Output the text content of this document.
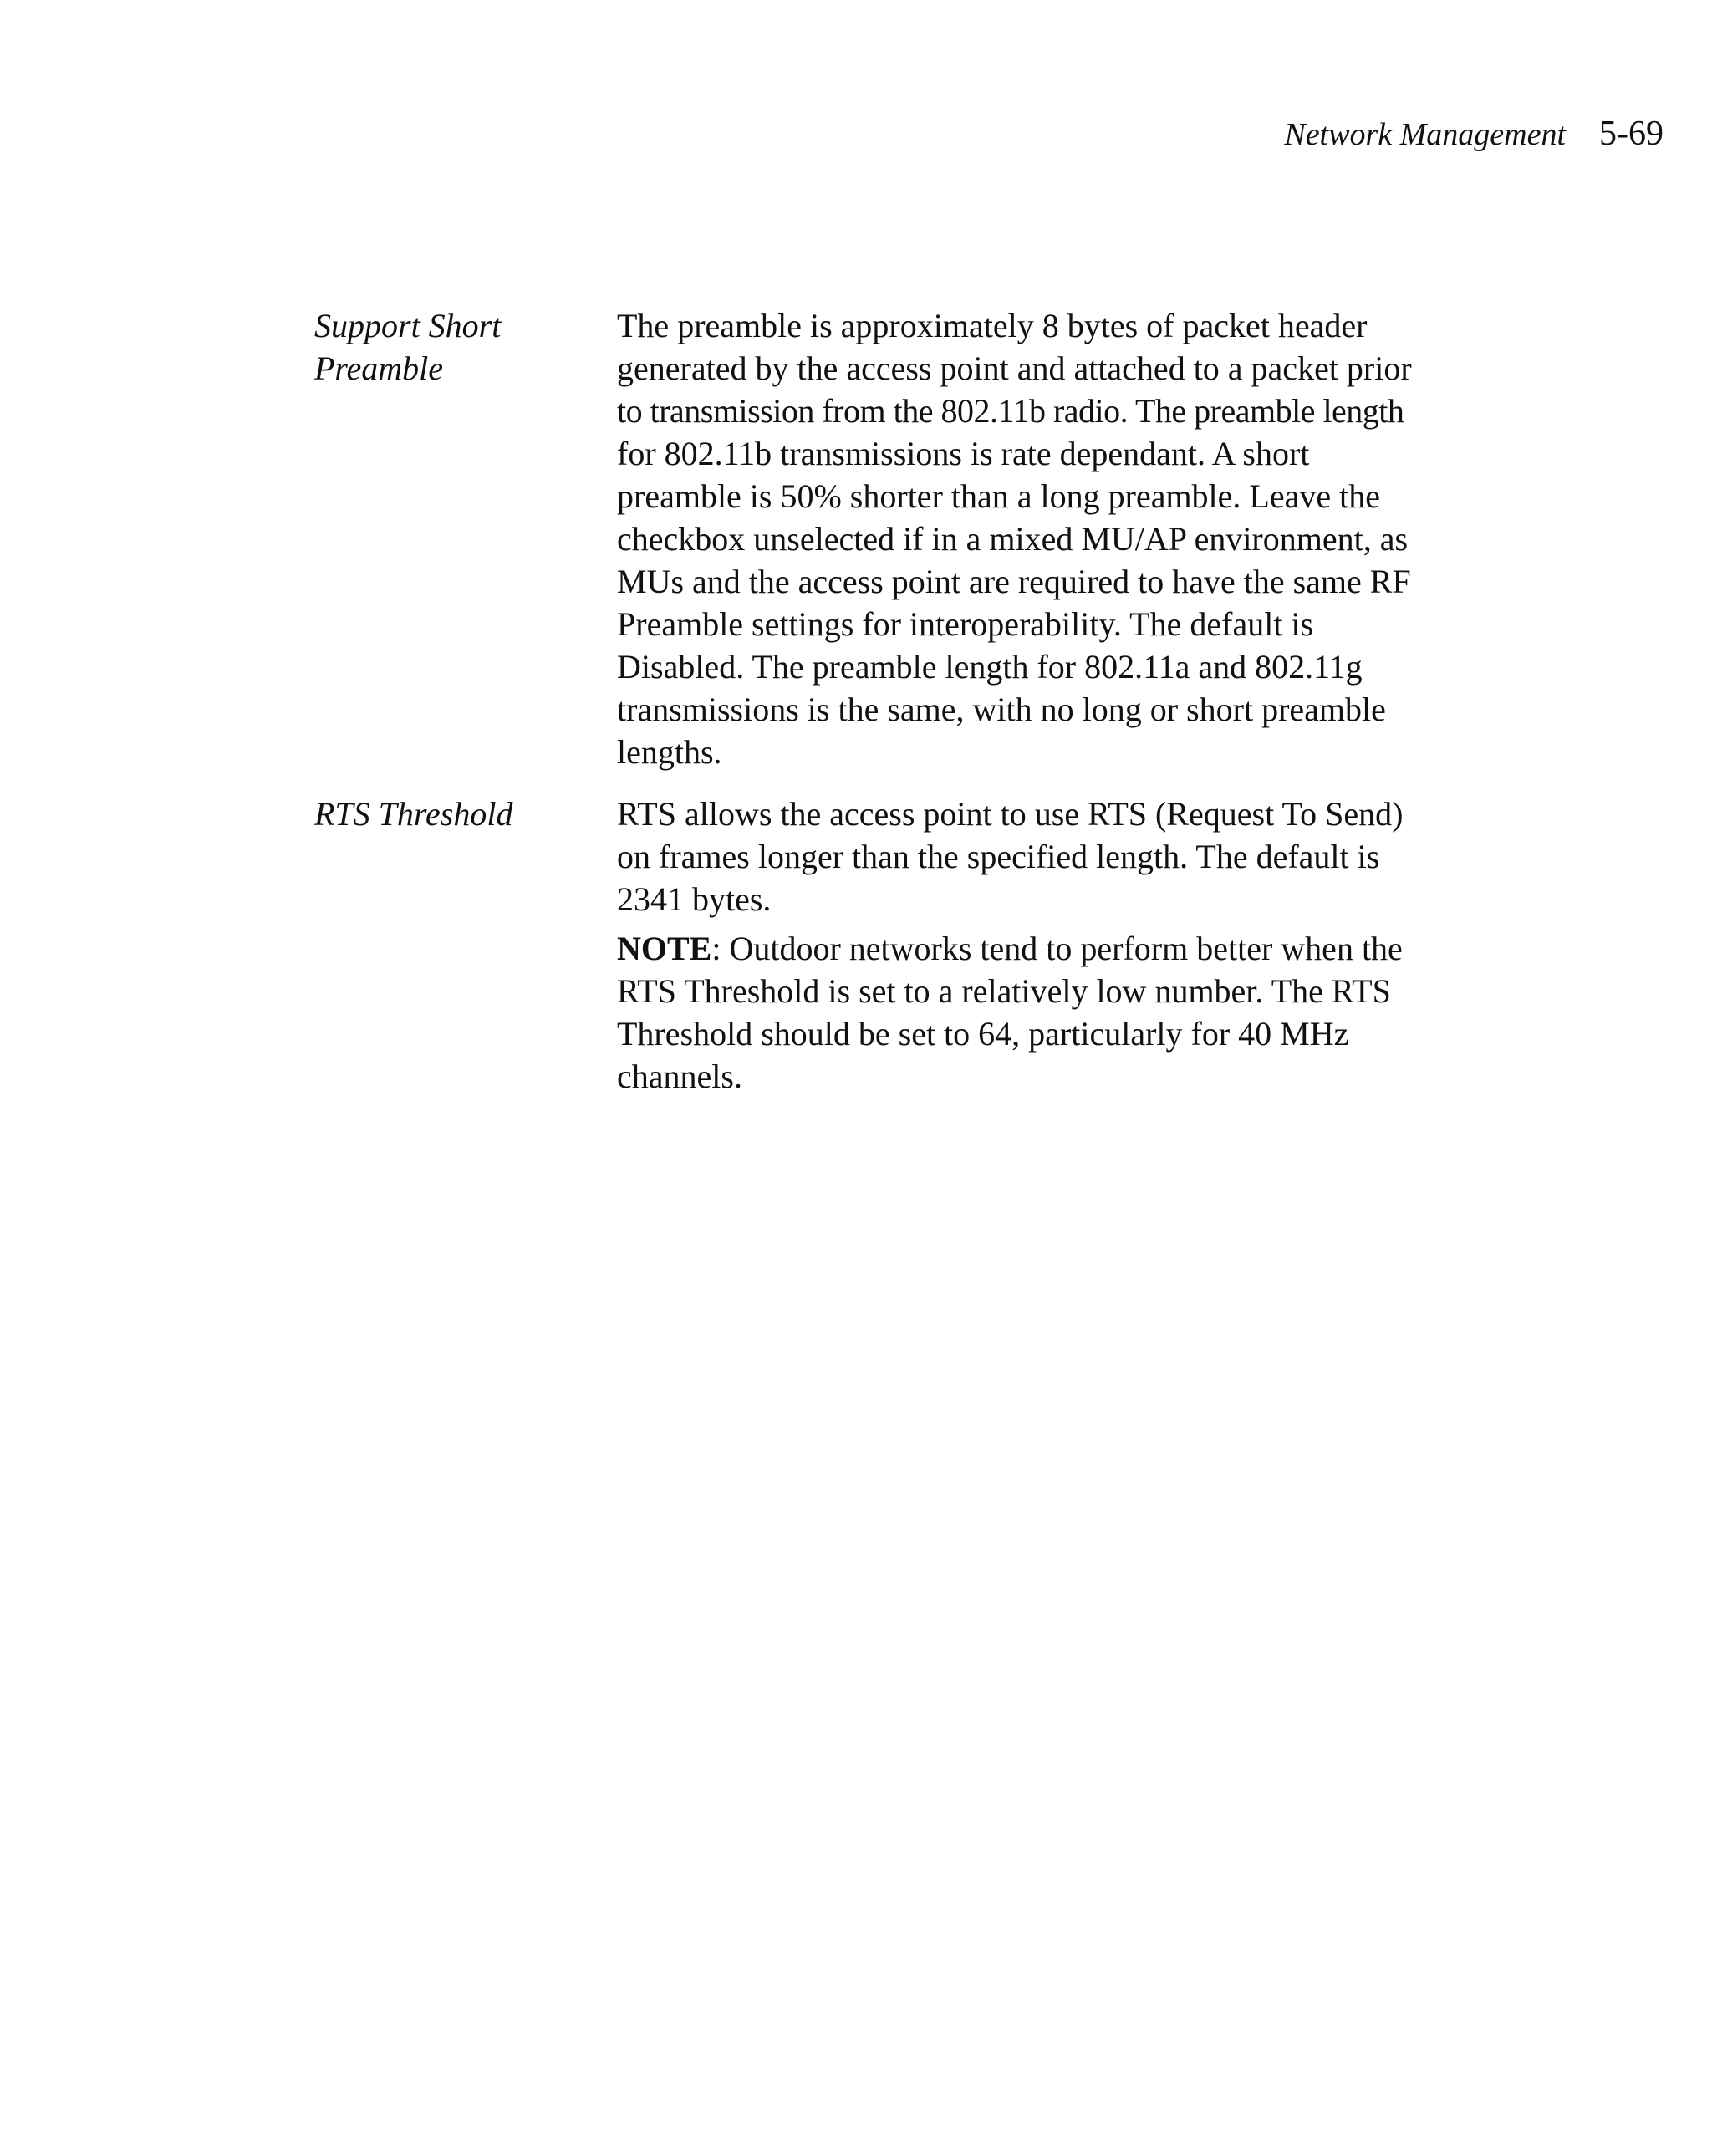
Network Management 5-69
Support Short
Preamble

The preamble is approximately 8 bytes of packet header
generated by the access point and attached to a packet prior
to transmission from the 802.11b radio. The preamble length
for 802.11b transmissions is rate dependant. A short
preamble is 50% shorter than a long preamble. Leave the
checkbox unselected if in a mixed MU/AP environment, as
MUs and the access point are required to have the same RF
Preamble settings for interoperability. The default is
Disabled. The preamble length for 802.11a and 802.11g
transmissions is the same, with no long or short preamble
lengths.

RTS Threshold	RTS allows the access point to use RTS (Request To Send)
on frames longer than the specified length. The default is
2341 bytes.

NOTE: Outdoor networks tend to perform better when the
RTS Threshold is set to a relatively low number. The RTS
Threshold should be set to 64, particularly for 40 MHz
channels.
